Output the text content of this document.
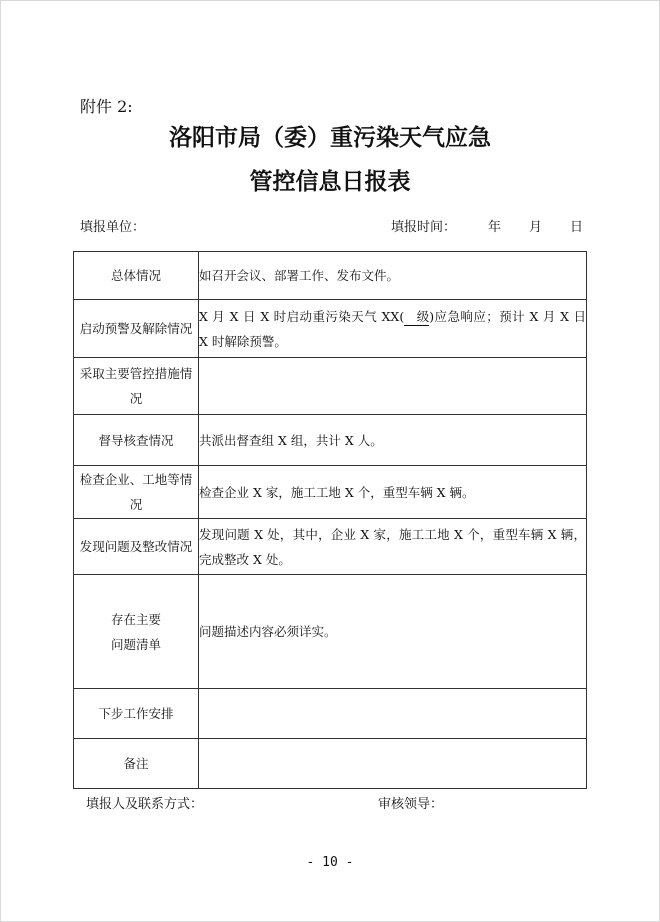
附件 2:
洛阳市局（委）重污染天气应急
管控信息日报表
填报单位：	填报时间： 年 月 日
总体情况	如召开会议、部署工作、发布文件。
启动预警及解除情况	X 月 X 日 X 时启动重污染天气 XX(　级)应急响应；预计 X 月 X 日 X 时解除预警。
采取主要管控措施情况	
督导核查情况	共派出督查组 X 组，共计 X 人。
检查企业、工地等情况	检查企业 X 家，施工工地 X 个，重型车辆 X 辆。
发现问题及整改情况	发现问题 X 处，其中，企业 X 家，施工工地 X 个，重型车辆 X 辆，完成整改 X 处。
存在主要
问题清单	问题描述内容必须详实。
下步工作安排	
备注	
填报人及联系方式：	审核领导：
- 10 -
